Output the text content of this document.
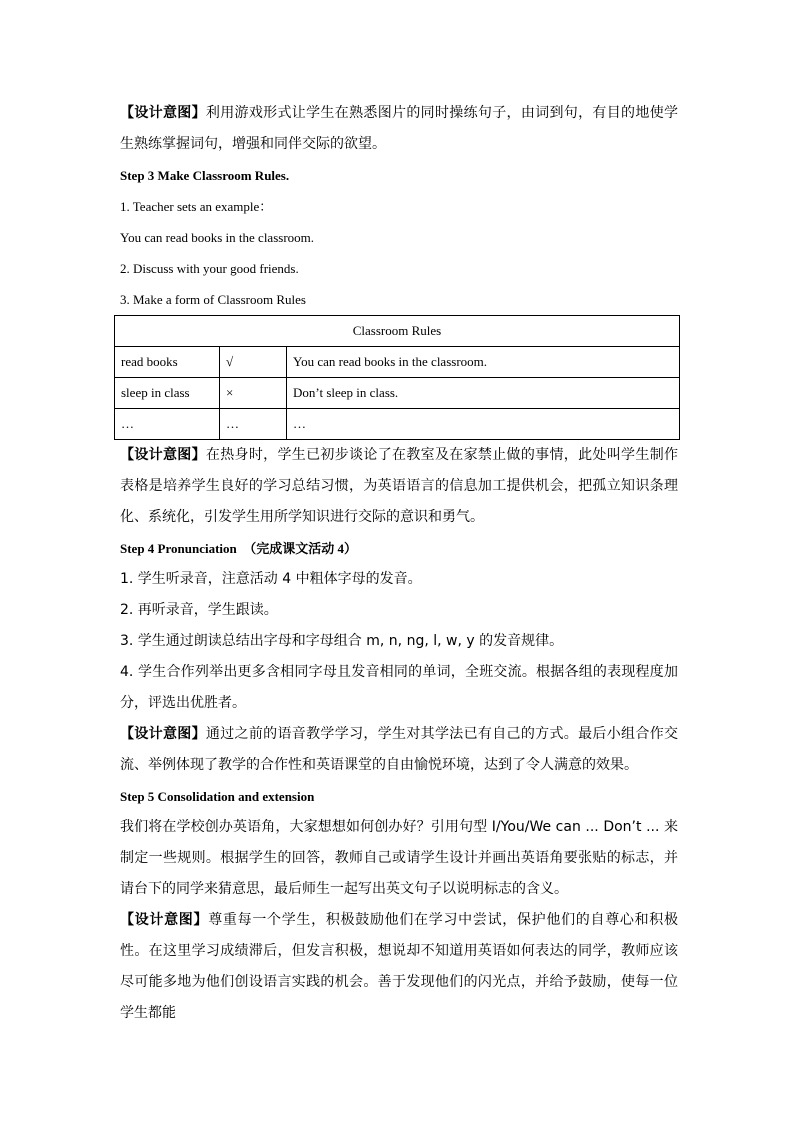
【设计意图】利用游戏形式让学生在熟悉图片的同时操练句子，由词到句，有目的地使学生熟练掌握词句，增强和同伴交际的欲望。

Step 3 Make Classroom Rules.

1. Teacher sets an example：

You can read books in the classroom.

2. Discuss with your good friends.

3. Make a form of Classroom Rules

Classroom Rules		
read books	√	You can read books in the classroom.
sleep in class	×	Don’t sleep in class.
…	…	…

【设计意图】在热身时，学生已初步谈论了在教室及在家禁止做的事情，此处叫学生制作表格是培养学生良好的学习总结习惯，为英语语言的信息加工提供机会，把孤立知识条理化、系统化，引发学生用所学知识进行交际的意识和勇气。

Step 4 Pronunciation　（完成课文活动 4）

1. 学生听录音，注意活动 4 中粗体字母的发音。

2. 再听录音，学生跟读。

3. 学生通过朗读总结出字母和字母组合 m, n, ng, l, w, y 的发音规律。

4. 学生合作列举出更多含相同字母且发音相同的单词，全班交流。根据各组的表现程度加分，评选出优胜者。

【设计意图】通过之前的语音教学学习，学生对其学法已有自己的方式。最后小组合作交流、举例体现了教学的合作性和英语课堂的自由愉悦环境，达到了令人满意的效果。

Step 5 Consolidation and extension

我们将在学校创办英语角，大家想想如何创办好？引用句型 I/You/We can ... Don’t ... 来制定一些规则。根据学生的回答，教师自己或请学生设计并画出英语角要张贴的标志，并请台下的同学来猜意思，最后师生一起写出英文句子以说明标志的含义。

【设计意图】尊重每一个学生，积极鼓励他们在学习中尝试，保护他们的自尊心和积极性。在这里学习成绩滞后，但发言积极，想说却不知道用英语如何表达的同学，教师应该尽可能多地为他们创设语言实践的机会。善于发现他们的闪光点，并给予鼓励，使每一位学生都能
